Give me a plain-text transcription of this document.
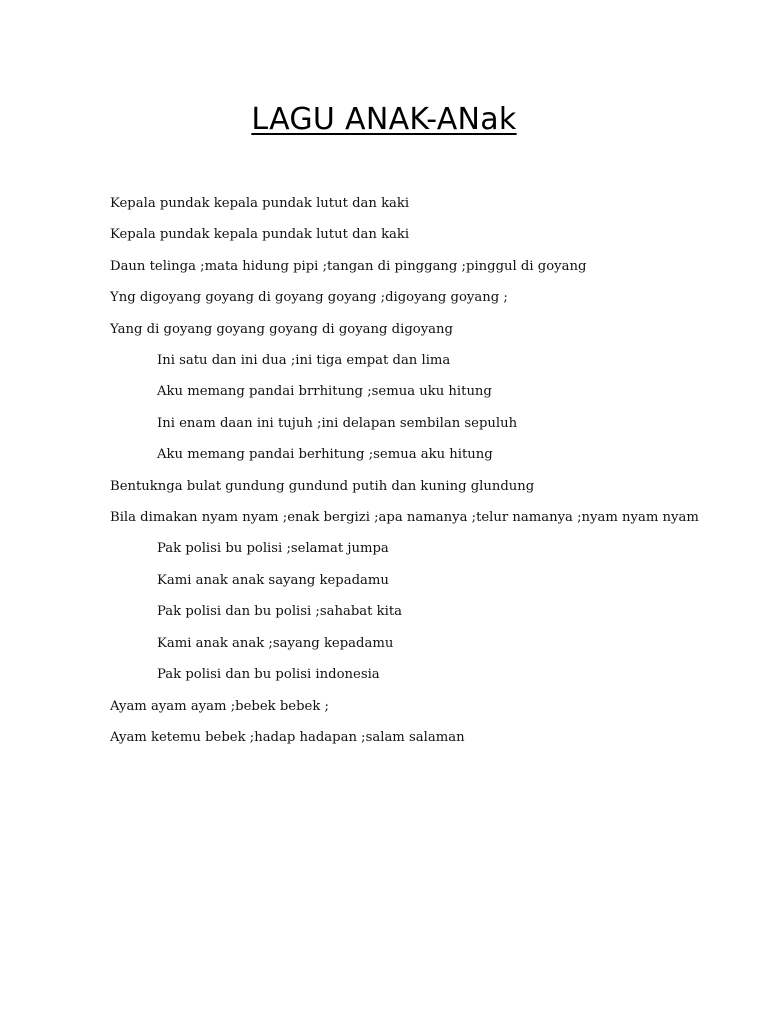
LAGU ANAK-ANak

Kepala pundak kepala pundak lutut dan kaki

Kepala pundak kepala pundak lutut dan kaki

Daun telinga ;mata hidung pipi ;tangan di pinggang ;pinggul di goyang

Yng digoyang goyang di goyang goyang ;digoyang goyang ;

Yang di goyang goyang goyang di goyang digoyang

Ini satu dan ini dua ;ini tiga empat dan lima

Aku memang pandai brrhitung ;semua uku hitung

Ini enam daan ini tujuh ;ini delapan sembilan sepuluh

Aku memang pandai berhitung ;semua aku hitung

Bentukngа bulat gundung gundund putih dan kuning glundung

Bila dimakan nyam nyam ;enak bergizi ;apa namanya ;telur namanya ;nyam nyam nyam

Pak polisi bu polisi ;selamat jumpa

Kami anak anak sayang kepadamu

Pak polisi dan bu polisi ;sahabat kita

Kami anak anak ;sayang kepadamu

Pak polisi dan bu polisi indonesia

Ayam ayam ayam ;bebek bebek ;

Ayam ketemu bebek ;hadap hadapan ;salam salaman
